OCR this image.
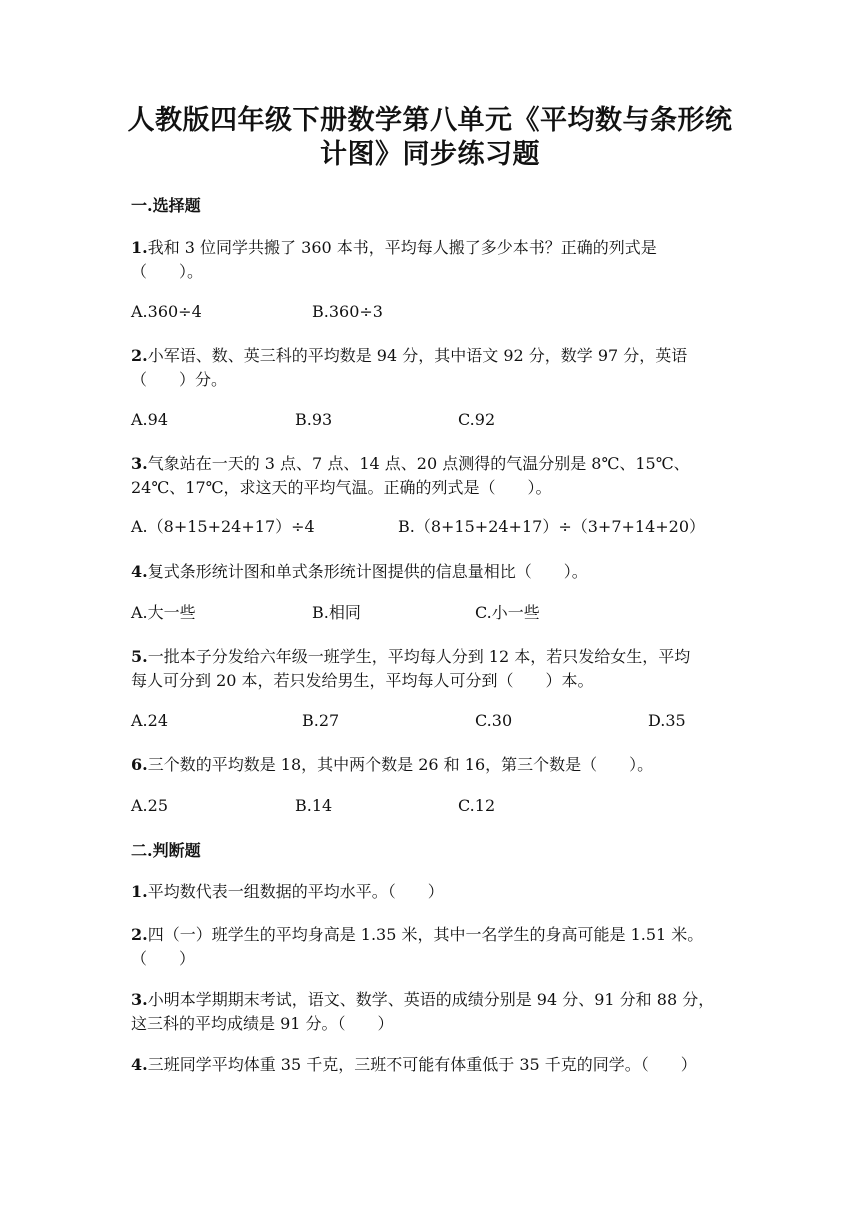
人教版四年级下册数学第八单元《平均数与条形统
计图》同步练习题
一.选择题
1.我和 3 位同学共搬了 360 本书，平均每人搬了多少本书？正确的列式是
（　　）。
A.360÷4	B.360÷3
2.小军语、数、英三科的平均数是 94 分，其中语文 92 分，数学 97 分，英语
（　　）分。
A.94	B.93	C.92
3.气象站在一天的 3 点、7 点、14 点、20 点测得的气温分别是 8℃、15℃、
24℃、17℃，求这天的平均气温。正确的列式是（　　）。
A.（8+15+24+17）÷4	B.（8+15+24+17）÷（3+7+14+20）
4.复式条形统计图和单式条形统计图提供的信息量相比（　　）。
A.大一些	B.相同	C.小一些
5.一批本子分发给六年级一班学生，平均每人分到 12 本，若只发给女生，平均
每人可分到 20 本，若只发给男生，平均每人可分到（　　）本。
A.24	B.27	C.30	D.35
6.三个数的平均数是 18，其中两个数是 26 和 16，第三个数是（　　）。
A.25	B.14	C.12
二.判断题
1.平均数代表一组数据的平均水平。（　　）
2.四（一）班学生的平均身高是 1.35 米，其中一名学生的身高可能是 1.51 米。
（　　）
3.小明本学期期末考试，语文、数学、英语的成绩分别是 94 分、91 分和 88 分，
这三科的平均成绩是 91 分。（　　）
4.三班同学平均体重 35 千克，三班不可能有体重低于 35 千克的同学。（　　）
